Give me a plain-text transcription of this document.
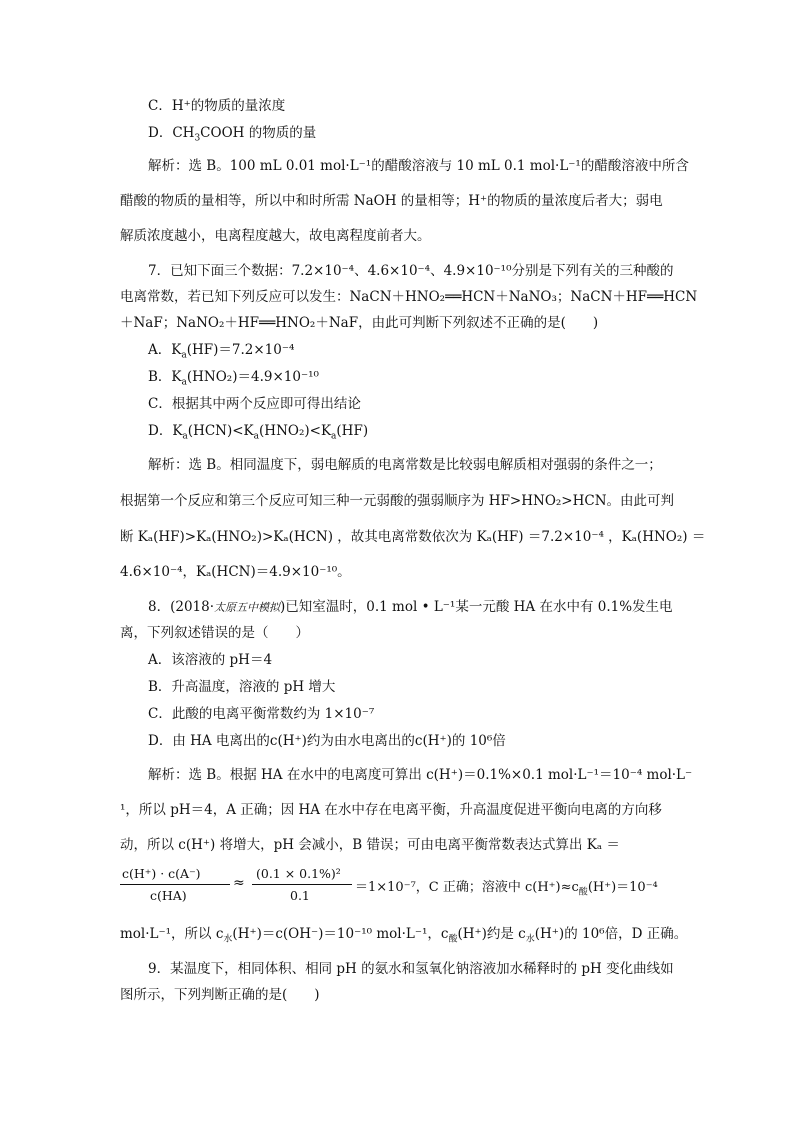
C．H⁺的物质的量浓度
D．$CH_3COOH$ 的物质的量
解析：选 B。100 mL 0.01 mol·L⁻¹的醋酸溶液与 10 mL 0.1 mol·L⁻¹的醋酸溶液中所含
醋酸的物质的量相等，所以中和时所需 NaOH 的量相等；H⁺的物质的量浓度后者大；弱电
解质浓度越小，电离程度越大，故电离程度前者大。
7．已知下面三个数据：7.2×10⁻⁴、4.6×10⁻⁴、4.9×10⁻¹⁰分别是下列有关的三种酸的
电离常数，若已知下列反应可以发生：NaCN＋HNO₂══HCN＋NaNO₃；NaCN＋HF══HCN
＋NaF；NaNO₂＋HF══HNO₂＋NaF，由此可判断下列叙述不正确的是(　　)
A．$K_a(HF)=7.2\times 10^{-4}$
B．$K_a(HNO_2)=4.9\times 10^{-10}$
C．根据其中两个反应即可得出结论
D．$K_a(HCN)<K_a(HNO_2)<K_a(HF)$
解析：选 B。相同温度下，弱电解质的电离常数是比较弱电解质相对强弱的条件之一；
根据第一个反应和第三个反应可知三种一元弱酸的强弱顺序为 HF>HNO₂>HCN。由此可判
断 Kₐ(HF)>Kₐ(HNO₂)>Kₐ(HCN) ，故其电离常数依次为 Kₐ(HF) ＝7.2×10⁻⁴ ，Kₐ(HNO₂) ＝
4.6×10⁻⁴，Kₐ(HCN)＝4.9×10⁻¹⁰。
8．(2018·太原五中模拟)已知室温时，0.1 mol • L⁻¹某一元酸 HA 在水中有 0.1%发生电
离，下列叙述错误的是（　　）
A．该溶液的 pH＝4
B．升高温度，溶液的 pH 增大
C．此酸的电离平衡常数约为 1×10⁻⁷
D．由 HA 电离出的c(H⁺)约为由水电离出的c(H⁺)的 10⁶倍
解析：选 B。根据 HA 在水中的电离度可算出 c(H⁺)＝0.1%×0.1 mol·L⁻¹＝10⁻⁴ mol·L⁻
¹，所以 pH＝4，A 正确；因 HA 在水中存在电离平衡，升高温度促进平衡向电离的方向移
动，所以 c(H⁺) 将增大，pH 会减小，B 错误；可由电离平衡常数表达式算出 Kₐ ＝
c(H⁺) · c(A⁻)
c(HA)
≈
(0.1 × 0.1%)²
0.1
＝1×10⁻⁷，C 正确；溶液中 $c(H^+)\approx c_酸(H^+)=10^{-4}$
mol·L⁻¹，所以 $c_水(H^+)=c(OH^-)=10^{-10}$ mol·L⁻¹，$c_酸(H^+)$约是 $c_水(H^+)$的 10⁶倍，D 正确。
9．某温度下，相同体积、相同 pH 的氨水和氢氧化钠溶液加水稀释时的 pH 变化曲线如
图所示，下列判断正确的是(　　)
